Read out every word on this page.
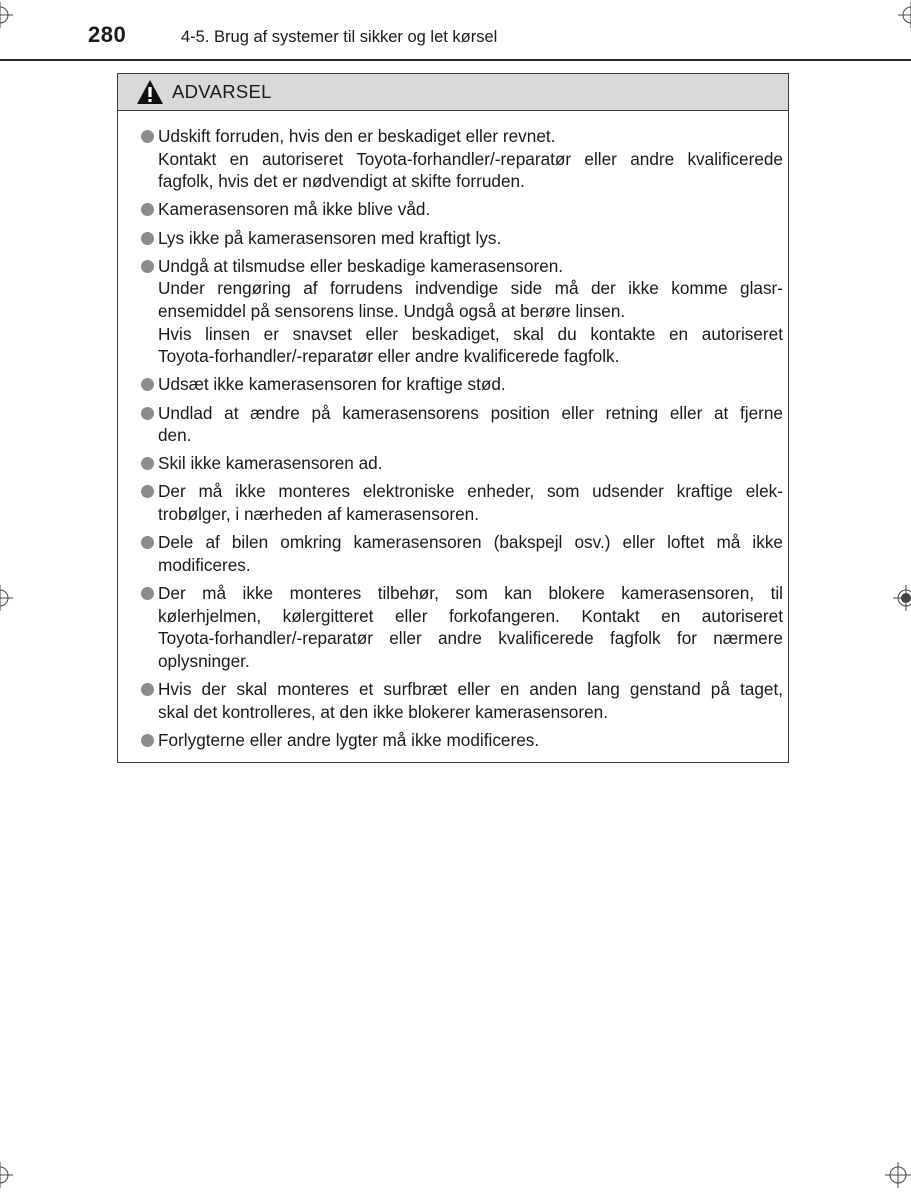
280	4-5. Brug af systemer til sikker og let kørsel
ADVARSEL
Udskift forruden, hvis den er beskadiget eller revnet.
Kontakt en autoriseret Toyota-forhandler/-reparatør eller andre kvalificerede
fagfolk, hvis det er nødvendigt at skifte forruden.
Kamerasensoren må ikke blive våd.
Lys ikke på kamerasensoren med kraftigt lys.
Undgå at tilsmudse eller beskadige kamerasensoren.
Under rengøring af forrudens indvendige side må der ikke komme glasr-
ensemiddel på sensorens linse. Undgå også at berøre linsen.
Hvis linsen er snavset eller beskadiget, skal du kontakte en autoriseret
Toyota-forhandler/-reparatør eller andre kvalificerede fagfolk.
Udsæt ikke kamerasensoren for kraftige stød.
Undlad at ændre på kamerasensorens position eller retning eller at fjerne
den.
Skil ikke kamerasensoren ad.
Der må ikke monteres elektroniske enheder, som udsender kraftige elek-
trobølger, i nærheden af kamerasensoren.
Dele af bilen omkring kamerasensoren (bakspejl osv.) eller loftet må ikke
modificeres.
Der må ikke monteres tilbehør, som kan blokere kamerasensoren, til
kølerhjelmen, kølergitteret eller forkofangeren. Kontakt en autoriseret
Toyota-forhandler/-reparatør eller andre kvalificerede fagfolk for nærmere
oplysninger.
Hvis der skal monteres et surfbræt eller en anden lang genstand på taget,
skal det kontrolleres, at den ikke blokerer kamerasensoren.
Forlygterne eller andre lygter må ikke modificeres.
